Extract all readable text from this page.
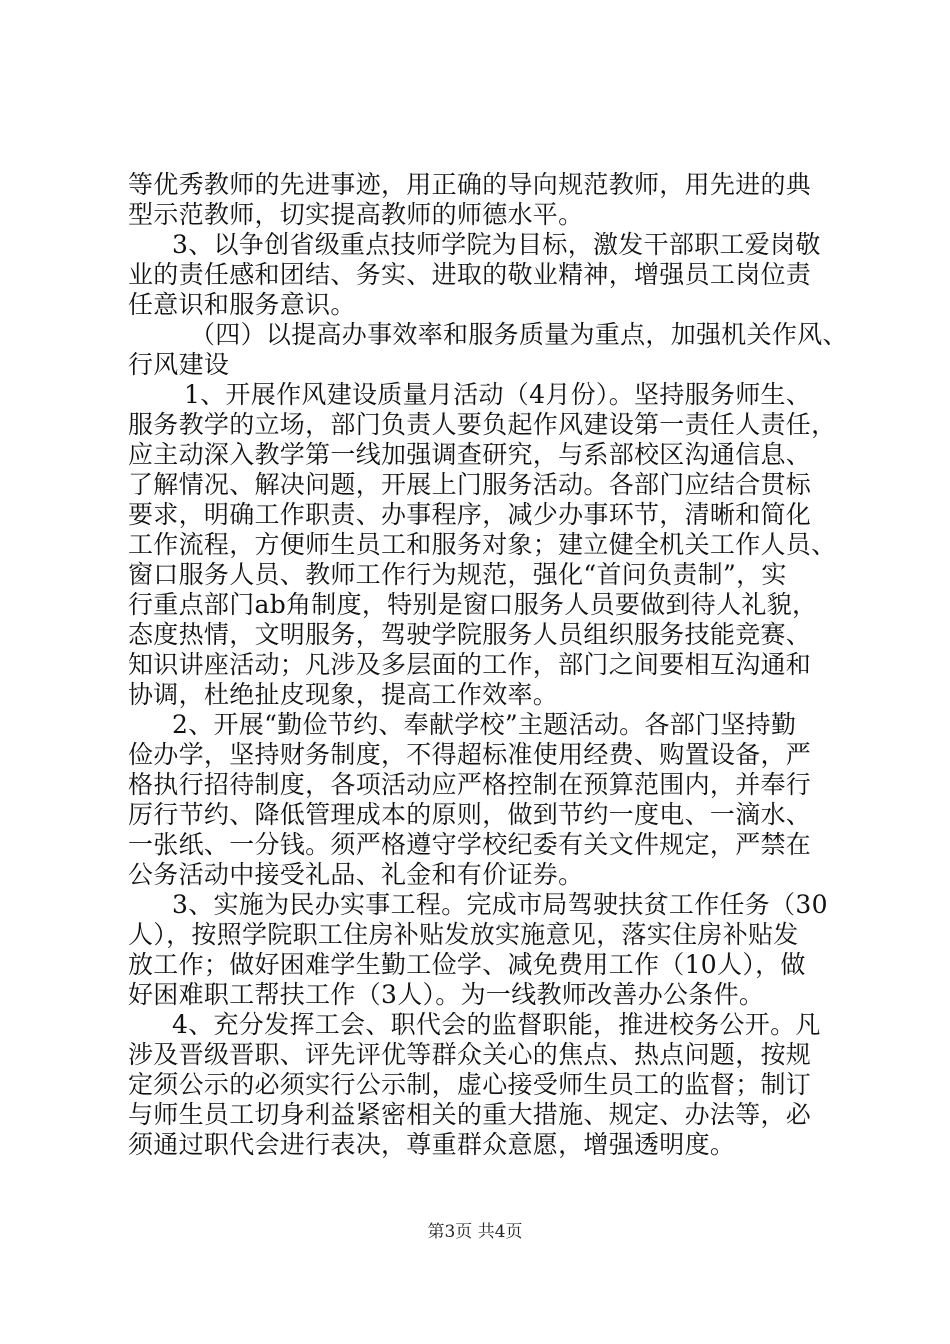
等优秀教师的先进事迹，用正确的导向规范教师，用先进的典
型示范教师，切实提高教师的师德水平。
3、以争创省级重点技师学院为目标，激发干部职工爱岗敬
业的责任感和团结、务实、进取的敬业精神，增强员工岗位责
任意识和服务意识。
（四）以提高办事效率和服务质量为重点，加强机关作风、
行风建设
1、开展作风建设质量月活动（4月份）。坚持服务师生、
服务教学的立场，部门负责人要负起作风建设第一责任人责任，
应主动深入教学第一线加强调查研究，与系部校区沟通信息、
了解情况、解决问题，开展上门服务活动。各部门应结合贯标
要求，明确工作职责、办事程序，减少办事环节，清晰和简化
工作流程，方便师生员工和服务对象；建立健全机关工作人员、
窗口服务人员、教师工作行为规范，强化“首问负责制”，实
行重点部门ab角制度，特别是窗口服务人员要做到待人礼貌，
态度热情，文明服务，驾驶学院服务人员组织服务技能竞赛、
知识讲座活动；凡涉及多层面的工作，部门之间要相互沟通和
协调，杜绝扯皮现象，提高工作效率。
2、开展“勤俭节约、奉献学校”主题活动。各部门坚持勤
俭办学，坚持财务制度，不得超标准使用经费、购置设备，严
格执行招待制度，各项活动应严格控制在预算范围内，并奉行
厉行节约、降低管理成本的原则，做到节约一度电、一滴水、
一张纸、一分钱。须严格遵守学校纪委有关文件规定，严禁在
公务活动中接受礼品、礼金和有价证券。
3、实施为民办实事工程。完成市局驾驶扶贫工作任务（30
人），按照学院职工住房补贴发放实施意见，落实住房补贴发
放工作；做好困难学生勤工俭学、减免费用工作（10人），做
好困难职工帮扶工作（3人）。为一线教师改善办公条件。
4、充分发挥工会、职代会的监督职能，推进校务公开。凡
涉及晋级晋职、评先评优等群众关心的焦点、热点问题，按规
定须公示的必须实行公示制，虚心接受师生员工的监督；制订
与师生员工切身利益紧密相关的重大措施、规定、办法等，必
须通过职代会进行表决，尊重群众意愿，增强透明度。
第3页 共4页
